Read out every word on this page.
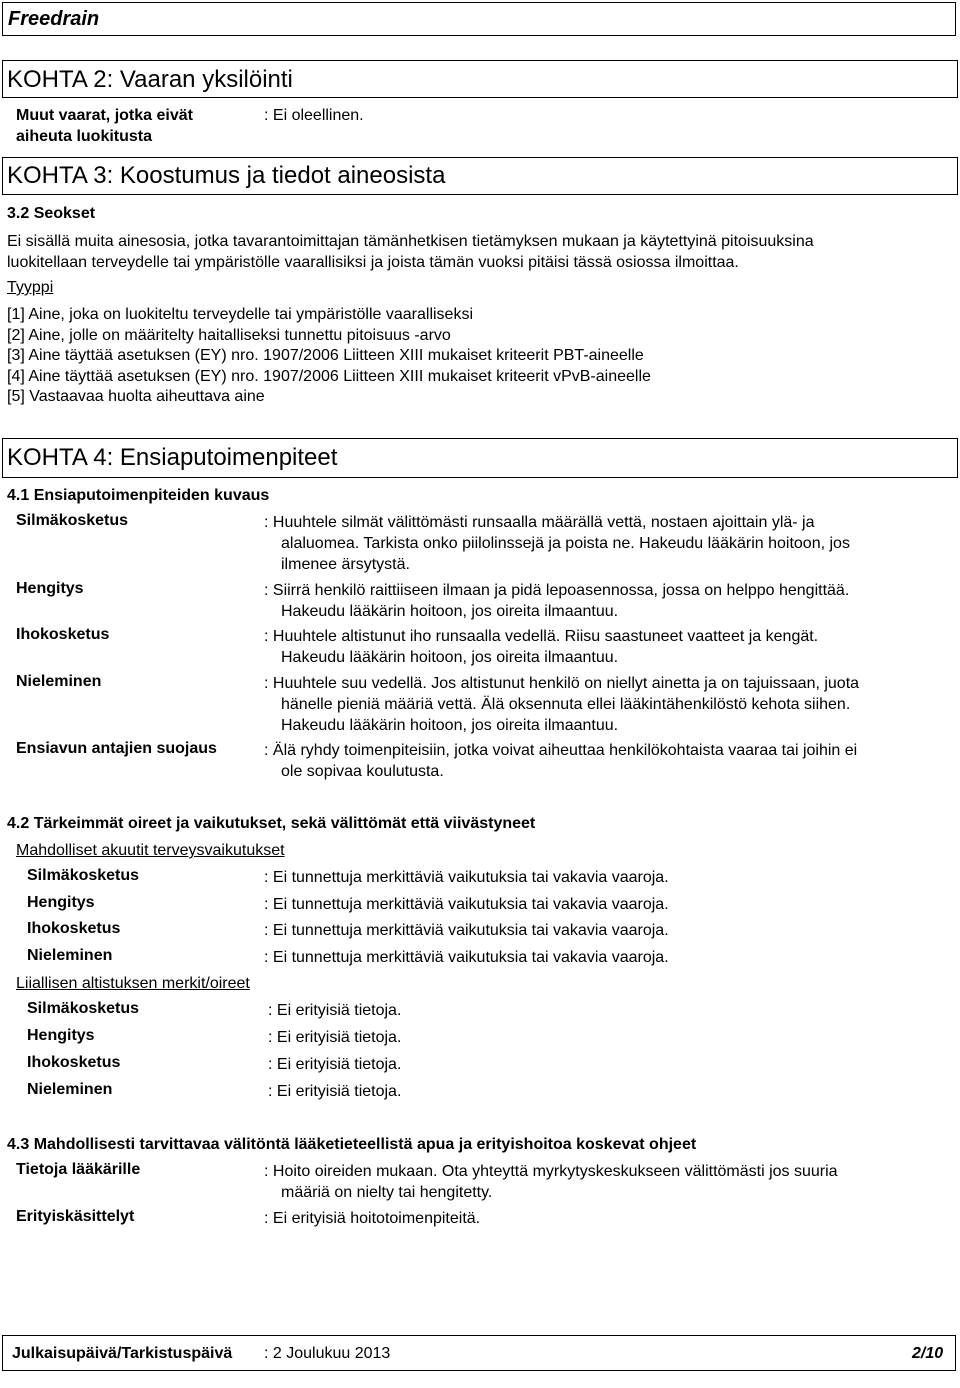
Freedrain
KOHTA 2: Vaaran yksilöinti
Muut vaarat, jotka eivät
aiheuta luokitusta
: Ei oleellinen.
KOHTA 3: Koostumus ja tiedot aineosista
3.2 Seokset
Ei sisällä muita ainesosia, jotka tavarantoimittajan tämänhetkisen tietämyksen mukaan ja käytettyinä pitoisuuksina
luokitellaan terveydelle tai ympäristölle vaarallisiksi ja joista tämän vuoksi pitäisi tässä osiossa ilmoittaa.
Tyyppi
[1] Aine, joka on luokiteltu terveydelle tai ympäristölle vaaralliseksi
[2] Aine, jolle on määritelty haitalliseksi tunnettu pitoisuus -arvo
[3] Aine täyttää asetuksen (EY) nro. 1907/2006 Liitteen XIII mukaiset kriteerit PBT-aineelle
[4] Aine täyttää asetuksen (EY) nro. 1907/2006 Liitteen XIII mukaiset kriteerit vPvB-aineelle
[5] Vastaavaa huolta aiheuttava aine
KOHTA 4: Ensiaputoimenpiteet
4.1 Ensiaputoimenpiteiden kuvaus
Silmäkosketus	: Huuhtele silmät välittömästi runsaalla määrällä vettä, nostaen ajoittain ylä- ja
alaluomea. Tarkista onko piilolinssejä ja poista ne. Hakeudu lääkärin hoitoon, jos
ilmenee ärsytystä.
Hengitys	: Siirrä henkilö raittiiseen ilmaan ja pidä lepoasennossa, jossa on helppo hengittää.
Hakeudu lääkärin hoitoon, jos oireita ilmaantuu.
Ihokosketus	: Huuhtele altistunut iho runsaalla vedellä. Riisu saastuneet vaatteet ja kengät.
Hakeudu lääkärin hoitoon, jos oireita ilmaantuu.
Nieleminen	: Huuhtele suu vedellä. Jos altistunut henkilö on niellyt ainetta ja on tajuissaan, juota
hänelle pieniä määriä vettä. Älä oksennuta ellei lääkintähenkilöstö kehota siihen.
Hakeudu lääkärin hoitoon, jos oireita ilmaantuu.
Ensiavun antajien suojaus	: Älä ryhdy toimenpiteisiin, jotka voivat aiheuttaa henkilökohtaista vaaraa tai joihin ei
ole sopivaa koulutusta.
4.2 Tärkeimmät oireet ja vaikutukset, sekä välittömät että viivästyneet
Mahdolliset akuutit terveysvaikutukset
Silmäkosketus	: Ei tunnettuja merkittäviä vaikutuksia tai vakavia vaaroja.
Hengitys	: Ei tunnettuja merkittäviä vaikutuksia tai vakavia vaaroja.
Ihokosketus	: Ei tunnettuja merkittäviä vaikutuksia tai vakavia vaaroja.
Nieleminen	: Ei tunnettuja merkittäviä vaikutuksia tai vakavia vaaroja.
Liiallisen altistuksen merkit/oireet
Silmäkosketus	: Ei erityisiä tietoja.
Hengitys	: Ei erityisiä tietoja.
Ihokosketus	: Ei erityisiä tietoja.
Nieleminen	: Ei erityisiä tietoja.
4.3 Mahdollisesti tarvittavaa välitöntä lääketieteellistä apua ja erityishoitoa koskevat ohjeet
Tietoja lääkärille	: Hoito oireiden mukaan. Ota yhteyttä myrkytyskeskukseen välittömästi jos suuria
määriä on nielty tai hengitetty.
Erityiskäsittelyt	: Ei erityisiä hoitotoimenpiteitä.
Julkaisupäivä/Tarkistuspäivä : 2 Joulukuu 2013	2/10
